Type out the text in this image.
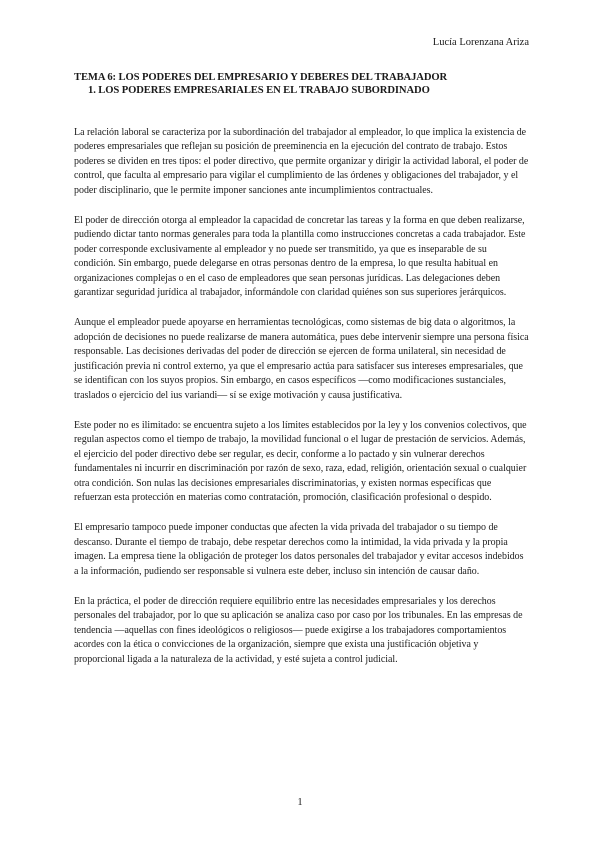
Lucía Lorenzana Ariza
TEMA 6: LOS PODERES DEL EMPRESARIO Y DEBERES DEL TRABAJADOR
1. LOS PODERES EMPRESARIALES EN EL TRABAJO SUBORDINADO

La relación laboral se caracteriza por la subordinación del trabajador al empleador, lo que implica la existencia de poderes empresariales que reflejan su posición de preeminencia en la ejecución del contrato de trabajo. Estos poderes se dividen en tres tipos: el poder directivo, que permite organizar y dirigir la actividad laboral, el poder de control, que faculta al empresario para vigilar el cumplimiento de las órdenes y obligaciones del trabajador, y el poder disciplinario, que le permite imponer sanciones ante incumplimientos contractuales.

El poder de dirección otorga al empleador la capacidad de concretar las tareas y la forma en que deben realizarse, pudiendo dictar tanto normas generales para toda la plantilla como instrucciones concretas a cada trabajador. Este poder corresponde exclusivamente al empleador y no puede ser transmitido, ya que es inseparable de su condición. Sin embargo, puede delegarse en otras personas dentro de la empresa, lo que resulta habitual en organizaciones complejas o en el caso de empleadores que sean personas jurídicas. Las delegaciones deben garantizar seguridad jurídica al trabajador, informándole con claridad quiénes son sus superiores jerárquicos.

Aunque el empleador puede apoyarse en herramientas tecnológicas, como sistemas de big data o algoritmos, la adopción de decisiones no puede realizarse de manera automática, pues debe intervenir siempre una persona física responsable. Las decisiones derivadas del poder de dirección se ejercen de forma unilateral, sin necesidad de justificación previa ni control externo, ya que el empresario actúa para satisfacer sus intereses empresariales, que se identifican con los suyos propios. Sin embargo, en casos específicos —como modificaciones sustanciales, traslados o ejercicio del ius variandi— sí se exige motivación y causa justificativa.

Este poder no es ilimitado: se encuentra sujeto a los límites establecidos por la ley y los convenios colectivos, que regulan aspectos como el tiempo de trabajo, la movilidad funcional o el lugar de prestación de servicios. Además, el ejercicio del poder directivo debe ser regular, es decir, conforme a lo pactado y sin vulnerar derechos fundamentales ni incurrir en discriminación por razón de sexo, raza, edad, religión, orientación sexual o cualquier otra condición. Son nulas las decisiones empresariales discriminatorias, y existen normas específicas que refuerzan esta protección en materias como contratación, promoción, clasificación profesional o despido.

El empresario tampoco puede imponer conductas que afecten la vida privada del trabajador o su tiempo de descanso. Durante el tiempo de trabajo, debe respetar derechos como la intimidad, la vida privada y la propia imagen. La empresa tiene la obligación de proteger los datos personales del trabajador y evitar accesos indebidos a la información, pudiendo ser responsable si vulnera este deber, incluso sin intención de causar daño.

En la práctica, el poder de dirección requiere equilibrio entre las necesidades empresariales y los derechos personales del trabajador, por lo que su aplicación se analiza caso por caso por los tribunales. En las empresas de tendencia —aquellas con fines ideológicos o religiosos— puede exigirse a los trabajadores comportamientos acordes con la ética o convicciones de la organización, siempre que exista una justificación objetiva y proporcional ligada a la naturaleza de la actividad, y esté sujeta a control judicial.

1
